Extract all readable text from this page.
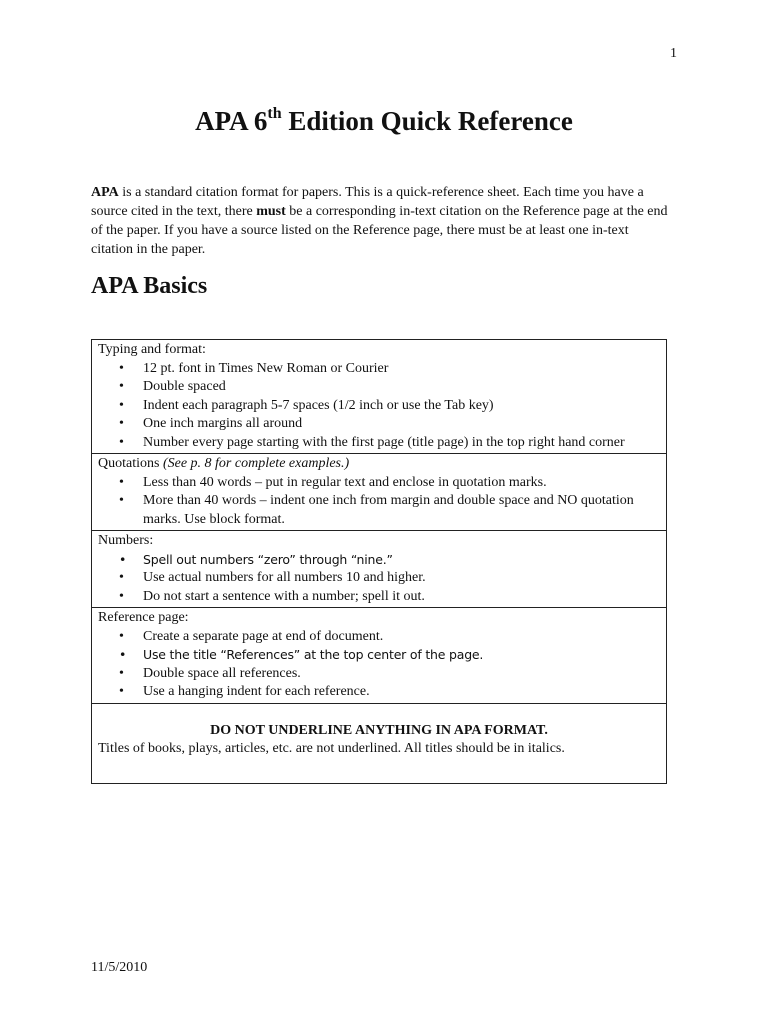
1
APA 6th Edition Quick Reference

APA is a standard citation format for papers. This is a quick-reference sheet. Each time you have a source cited in the text, there must be a corresponding in-text citation on the Reference page at the end of the paper. If you have a source listed on the Reference page, there must be at least one in-text citation in the paper.

APA Basics
Typing and format:
• 12 pt. font in Times New Roman or Courier
• Double spaced
• Indent each paragraph 5-7 spaces (1/2 inch or use the Tab key)
• One inch margins all around
• Number every page starting with the first page (title page) in the top right hand corner

Quotations (See p. 8 for complete examples.)
• Less than 40 words – put in regular text and enclose in quotation marks.
• More than 40 words – indent one inch from margin and double space and NO quotation marks. Use block format.

Numbers:
• Spell out numbers “zero” through “nine.”
• Use actual numbers for all numbers 10 and higher.
• Do not start a sentence with a number; spell it out.

Reference page:
• Create a separate page at end of document.
• Use the title “References” at the top center of the page.
• Double space all references.
• Use a hanging indent for each reference.

DO NOT UNDERLINE ANYTHING IN APA FORMAT.
Titles of books, plays, articles, etc. are not underlined. All titles should be in italics.
11/5/2010
